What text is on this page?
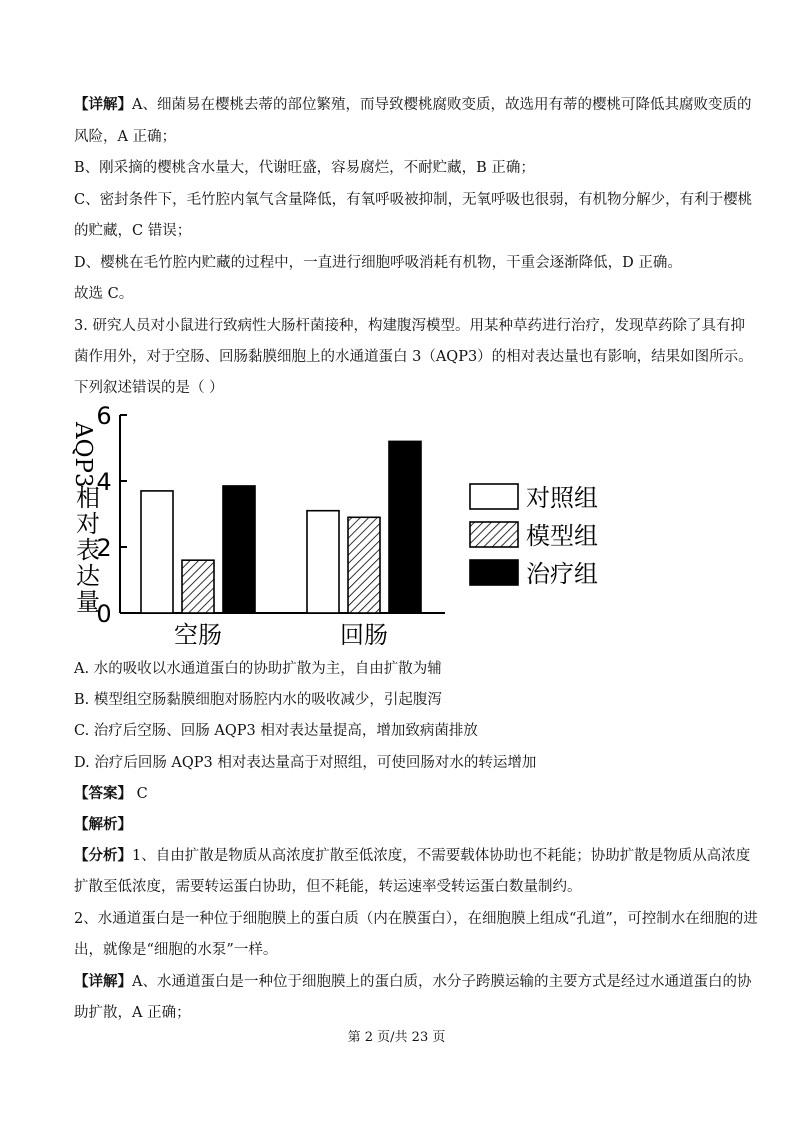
【详解】A、细菌易在樱桃去蒂的部位繁殖，而导致樱桃腐败变质，故选用有蒂的樱桃可降低其腐败变质的
风险，A 正确；
B、刚采摘的樱桃含水量大，代谢旺盛，容易腐烂，不耐贮藏，B 正确；
C、密封条件下，毛竹腔内氧气含量降低，有氧呼吸被抑制，无氧呼吸也很弱，有机物分解少，有利于樱桃
的贮藏，C 错误；
D、樱桃在毛竹腔内贮藏的过程中，一直进行细胞呼吸消耗有机物，干重会逐渐降低，D 正确。
故选 C。
3. 研究人员对小鼠进行致病性大肠杆菌接种，构建腹泻模型。用某种草药进行治疗，发现草药除了具有抑
菌作用外，对于空肠、回肠黏膜细胞上的水通道蛋白 3（AQP3）的相对表达量也有影响，结果如图所示。
下列叙述错误的是（ ）
0
2
4
6
AQP3
相
对
表
达
量
空肠	回肠
对照组
模型组
治疗组
A. 水的吸收以水通道蛋白的协助扩散为主，自由扩散为辅
B. 模型组空肠黏膜细胞对肠腔内水的吸收减少，引起腹泻
C. 治疗后空肠、回肠 AQP3 相对表达量提高，增加致病菌排放
D. 治疗后回肠 AQP3 相对表达量高于对照组，可使回肠对水的转运增加
【答案】 C
【解析】
【分析】1、自由扩散是物质从高浓度扩散至低浓度，不需要载体协助也不耗能；协助扩散是物质从高浓度
扩散至低浓度，需要转运蛋白协助，但不耗能，转运速率受转运蛋白数量制约。
2、水通道蛋白是一种位于细胞膜上的蛋白质（内在膜蛋白），在细胞膜上组成“孔道”，可控制水在细胞的进
出，就像是“细胞的水泵”一样。
【详解】A、水通道蛋白是一种位于细胞膜上的蛋白质，水分子跨膜运输的主要方式是经过水通道蛋白的协
助扩散，A 正确；
第 2 页/共 23 页
